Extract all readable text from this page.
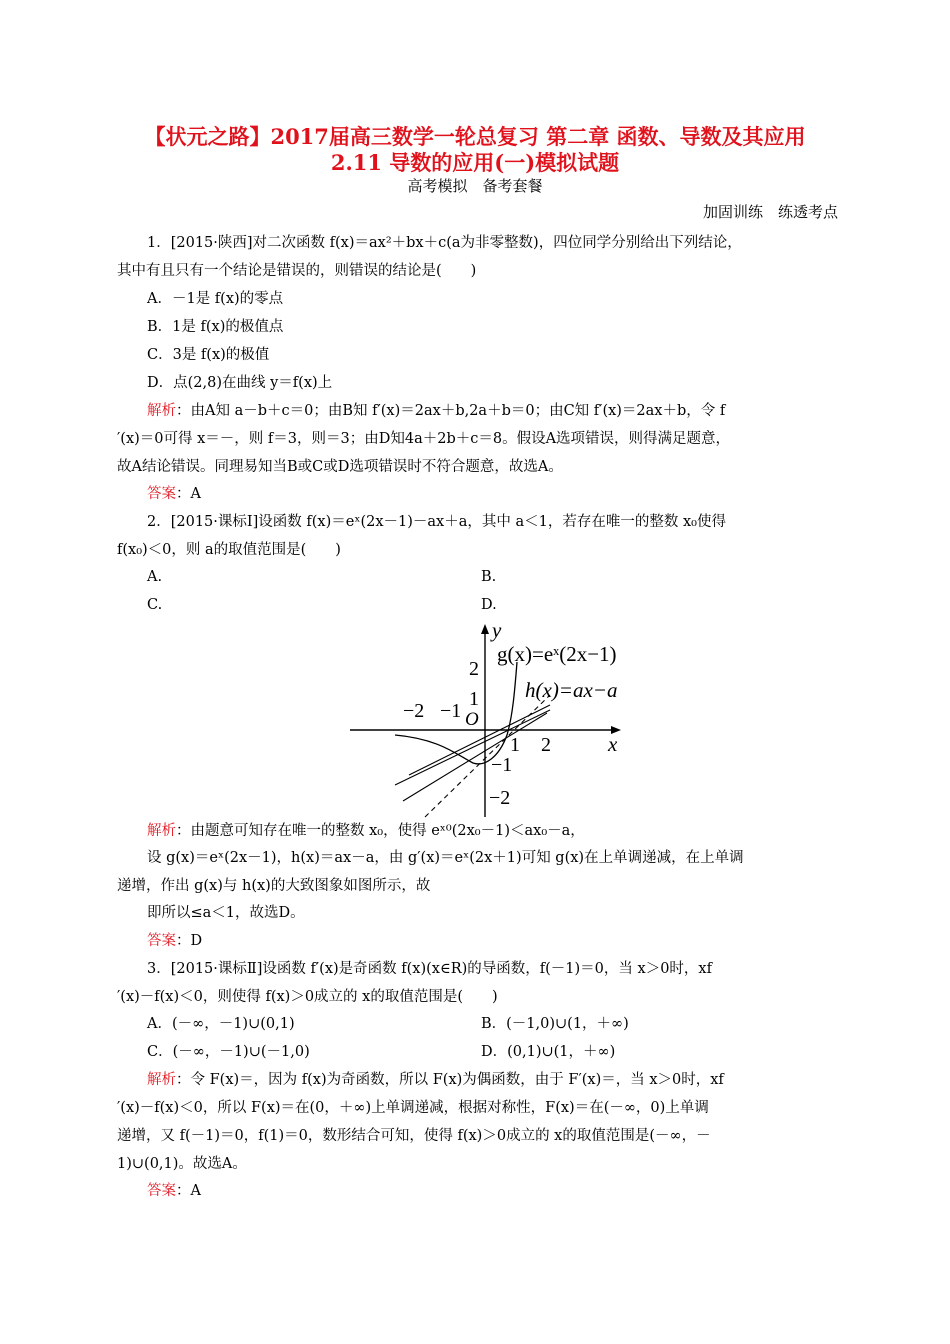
【状元之路】2017届高三数学一轮总复习 第二章 函数、导数及其应用
2.11 导数的应用(一)模拟试题
高考模拟　备考套餐
加固训练　练透考点
1．[2015·陕西]对二次函数 f(x)＝ax²＋bx＋c(a为非零整数)，四位同学分别给出下列结论，
其中有且只有一个结论是错误的，则错误的结论是(　　)
A．－1是 f(x)的零点
B．1是 f(x)的极值点
C．3是 f(x)的极值
D．点(2,8)在曲线 y＝f(x)上
解析：由A知 a－b＋c＝0；由B知 f′(x)＝2ax＋b,2a＋b＝0；由C知 f′(x)＝2ax＋b，令 f
′(x)＝0可得 x＝－，则 f＝3，则＝3；由D知4a＋2b＋c＝8。假设A选项错误，则得满足题意，
故A结论错误。同理易知当B或C或D选项错误时不符合题意，故选A。
答案：A
2．[2015·课标Ⅰ]设函数 f(x)＝eˣ(2x－1)－ax＋a，其中 a＜1，若存在唯一的整数 x₀使得
f(x₀)＜0，则 a的取值范围是(　　)
A.	B.
C.	D.
g(x)=eˣ(2x−1)
h(x)=ax−a
x
y
O
−2 −1
1 2
2
1
−1
−2
解析：由题意可知存在唯一的整数 x₀，使得 eˣ⁰(2x₀－1)＜ax₀－a，
设 g(x)＝eˣ(2x－1)，h(x)＝ax－a，由 g′(x)＝eˣ(2x＋1)可知 g(x)在上单调递减，在上单调
递增，作出 g(x)与 h(x)的大致图象如图所示，故
即所以≤a＜1，故选D。
答案：D
3．[2015·课标Ⅱ]设函数 f′(x)是奇函数 f(x)(x∈R)的导函数，f(－1)＝0，当 x＞0时，xf
′(x)－f(x)＜0，则使得 f(x)＞0成立的 x的取值范围是(　　)
A．(－∞，－1)∪(0,1)	B．(－1,0)∪(1，＋∞)
C．(－∞，－1)∪(－1,0)	D．(0,1)∪(1，＋∞)
解析：令 F(x)＝，因为 f(x)为奇函数，所以 F(x)为偶函数，由于 F′(x)＝，当 x＞0时，xf
′(x)－f(x)＜0，所以 F(x)＝在(0，＋∞)上单调递减，根据对称性，F(x)＝在(－∞，0)上单调
递增，又 f(－1)＝0，f(1)＝0，数形结合可知，使得 f(x)＞0成立的 x的取值范围是(－∞，－
1)∪(0,1)。故选A。
答案：A
